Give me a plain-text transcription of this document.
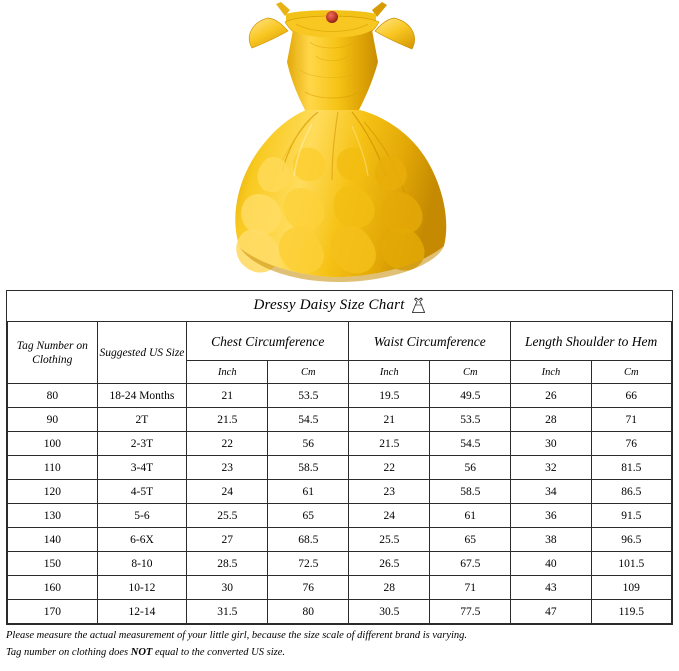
Dressy Daisy Size Chart							

Tag Number on Clothing	Suggested US Size	Chest Circumference		Waist Circumference		Length Shoulder to Hem	
		Inch	Cm	Inch	Cm	Inch	Cm
80	18-24 Months	21	53.5	19.5	49.5	26	66
90	2T	21.5	54.5	21	53.5	28	71
100	2-3T	22	56	21.5	54.5	30	76
110	3-4T	23	58.5	22	56	32	81.5
120	4-5T	24	61	23	58.5	34	86.5
130	5-6	25.5	65	24	61	36	91.5
140	6-6X	27	68.5	25.5	65	38	96.5
150	8-10	28.5	72.5	26.5	67.5	40	101.5
160	10-12	30	76	28	71	43	109
170	12-14	31.5	80	30.5	77.5	47	119.5
Please measure the actual measurement of your little girl, because the size scale of different brand is varying.
Tag number on clothing does NOT equal to the converted US size.
